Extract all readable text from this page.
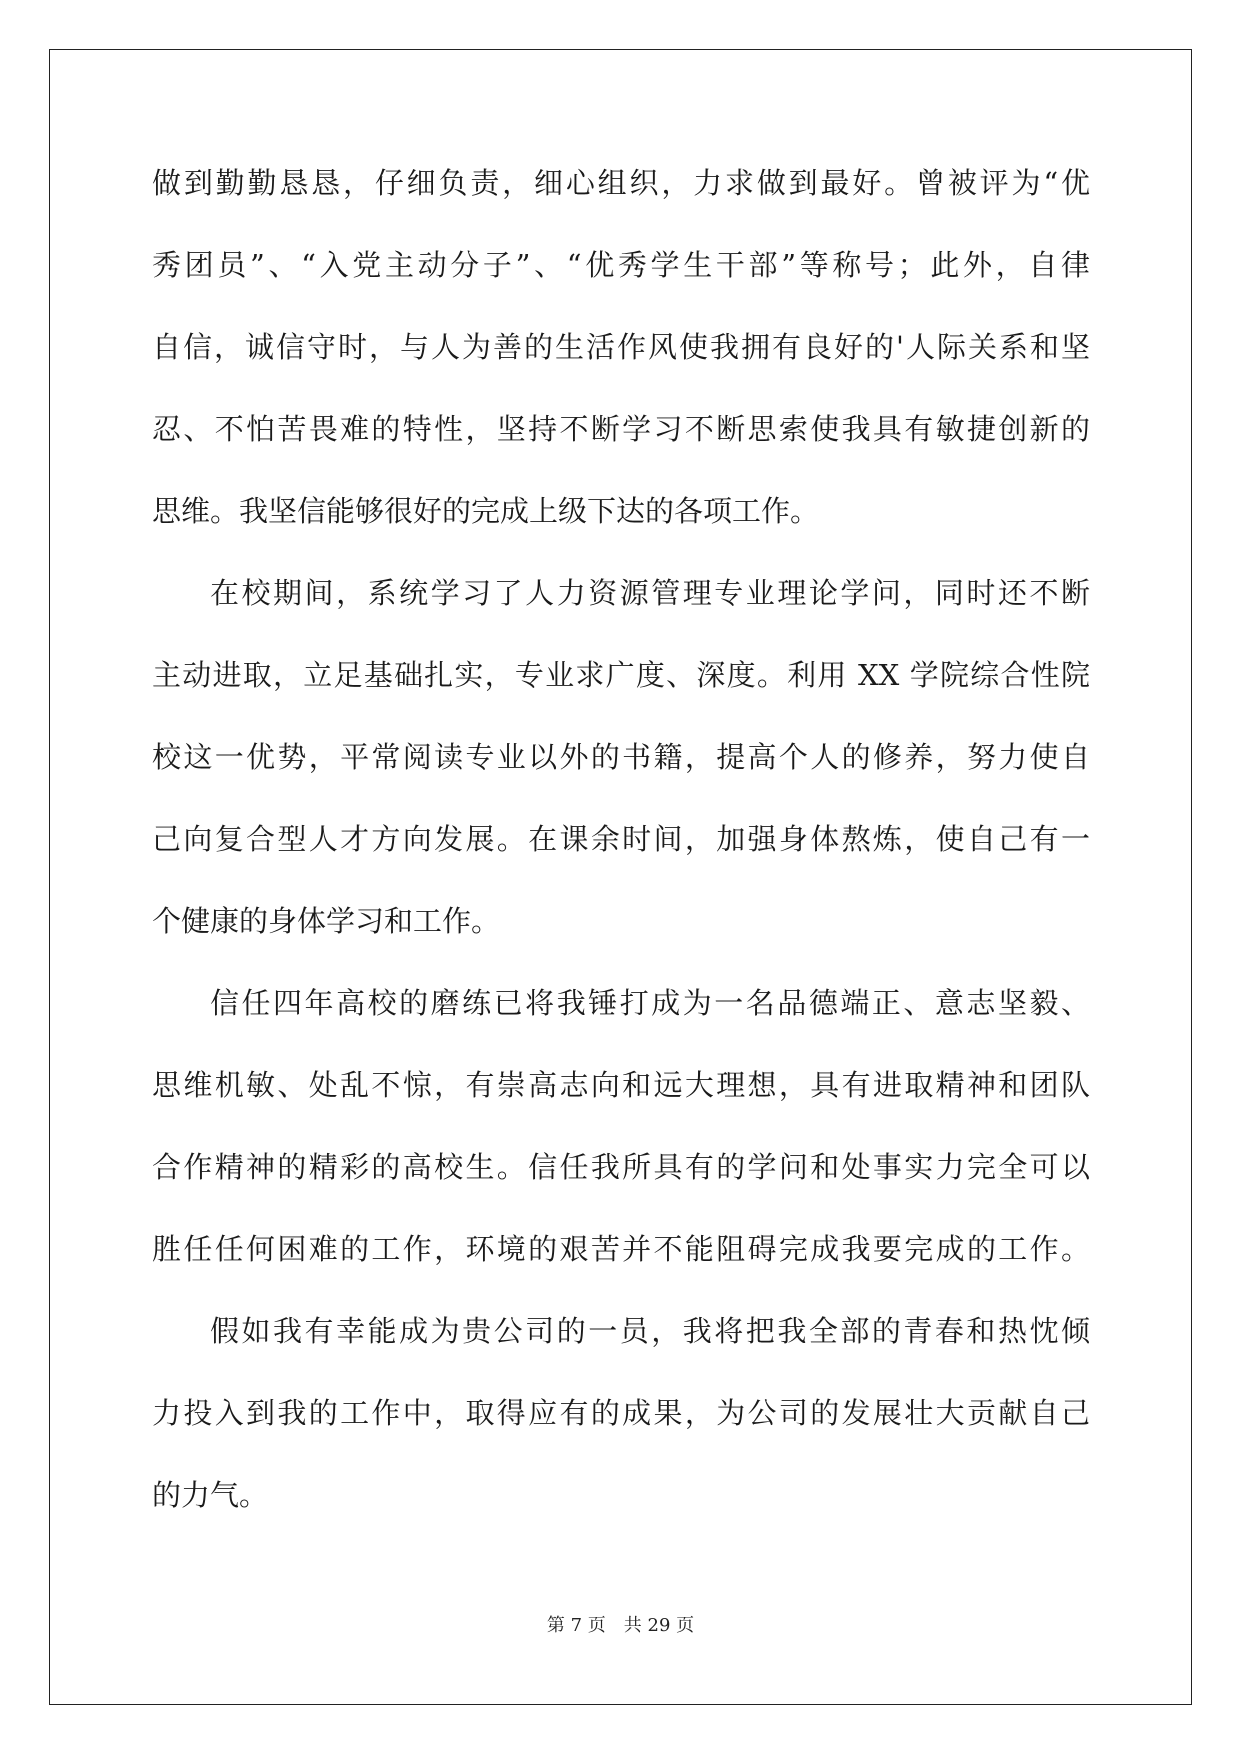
做到勤勤恳恳，仔细负责，细心组织，力求做到最好。曾被评为“优
秀团员”、“入党主动分子”、“优秀学生干部”等称号；此外，自律
自信，诚信守时，与人为善的生活作风使我拥有良好的'人际关系和坚
忍、不怕苦畏难的特性，坚持不断学习不断思索使我具有敏捷创新的
思维。我坚信能够很好的完成上级下达的各项工作。
在校期间，系统学习了人力资源管理专业理论学问，同时还不断
主动进取，立足基础扎实，专业求广度、深度。利用 XX 学院综合性院
校这一优势，平常阅读专业以外的书籍，提高个人的修养，努力使自
己向复合型人才方向发展。在课余时间，加强身体熬炼，使自己有一
个健康的身体学习和工作。
信任四年高校的磨练已将我锤打成为一名品德端正、意志坚毅、
思维机敏、处乱不惊，有崇高志向和远大理想，具有进取精神和团队
合作精神的精彩的高校生。信任我所具有的学问和处事实力完全可以
胜任任何困难的工作，环境的艰苦并不能阻碍完成我要完成的工作。
假如我有幸能成为贵公司的一员，我将把我全部的青春和热忱倾
力投入到我的工作中，取得应有的成果，为公司的发展壮大贡献自己
的力气。
第 7 页　共 29 页
